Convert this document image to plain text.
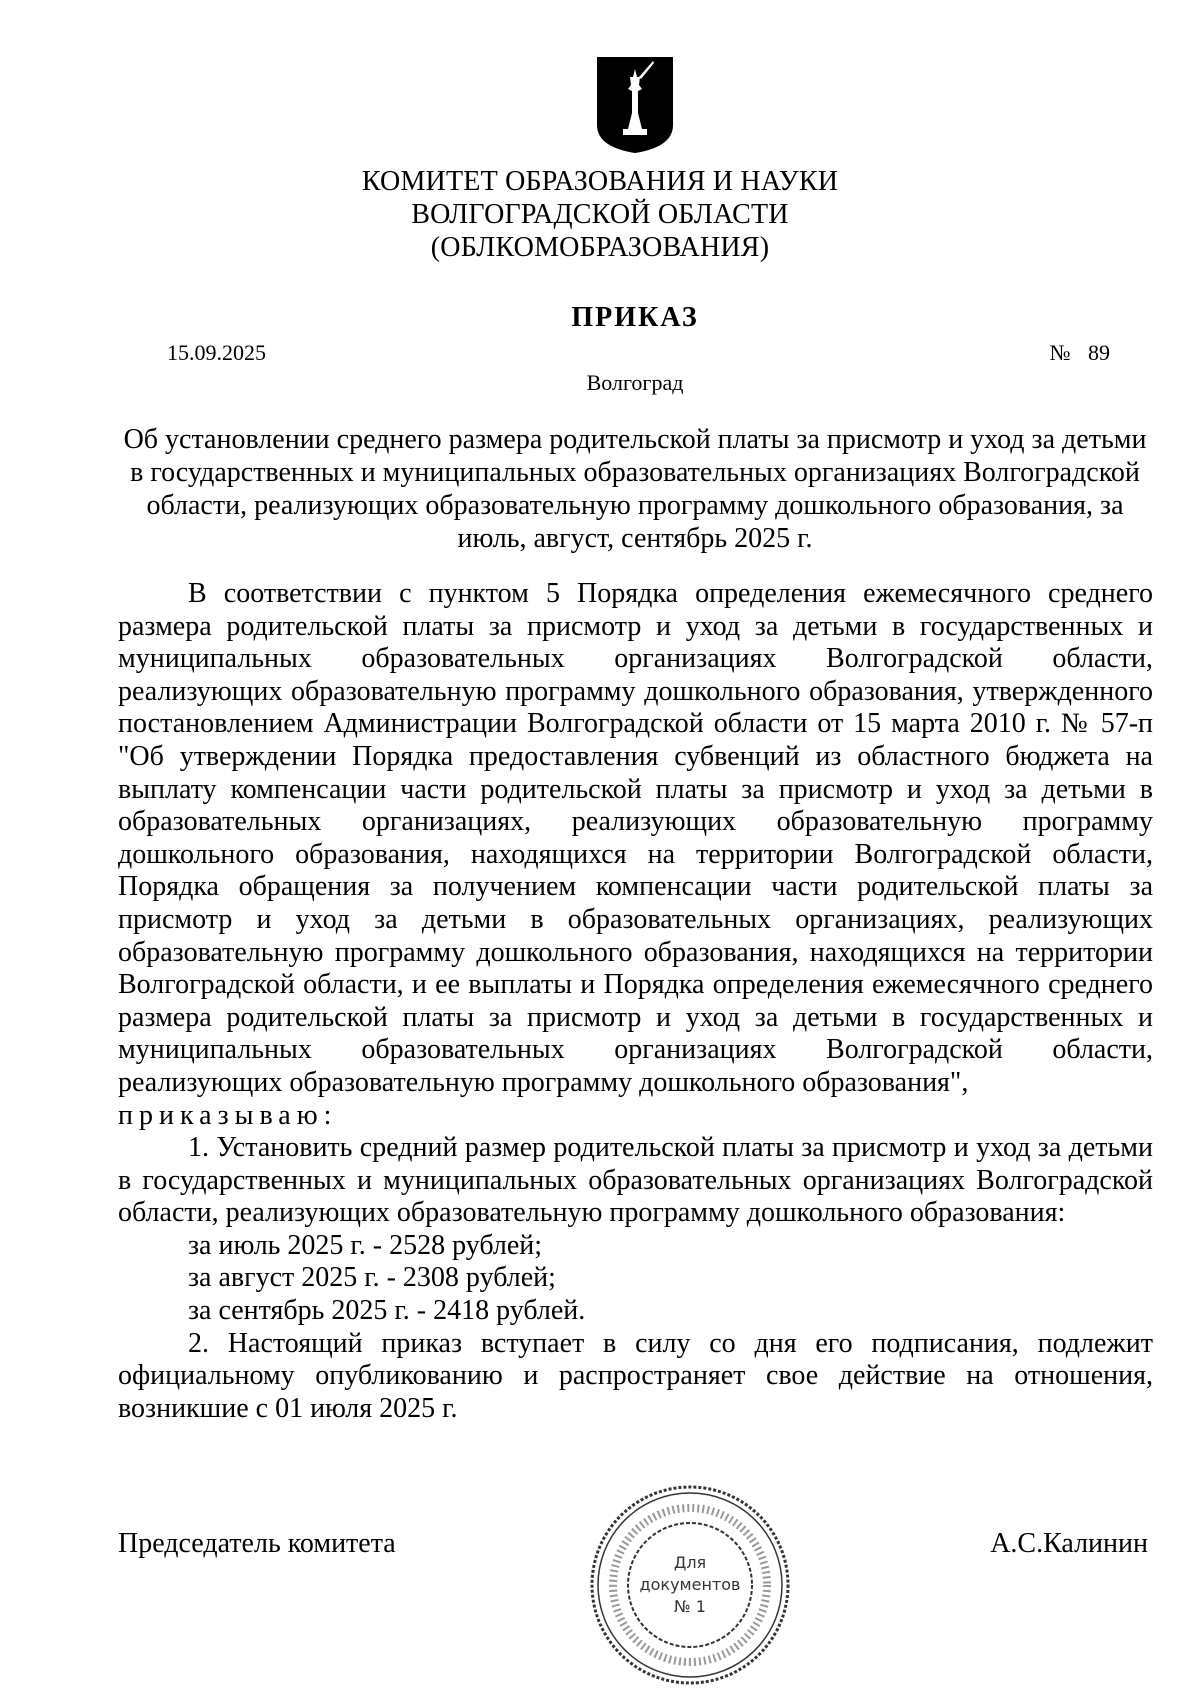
КОМИТЕТ ОБРАЗОВАНИЯ И НАУКИ
ВОЛГОГРАДСКОЙ ОБЛАСТИ
(ОБЛКОМОБРАЗОВАНИЯ)
ПРИКАЗ
15.09.2025	№ 89
Волгоград
Об установлении среднего размера родительской платы за присмотр и уход за детьми в государственных и муниципальных образовательных организациях Волгоградской области, реализующих образовательную программу дошкольного образования, за июль, август, сентябрь 2025 г.

В соответствии с пунктом 5 Порядка определения ежемесячного среднего размера родительской платы за присмотр и уход за детьми в государственных и муниципальных образовательных организациях Волгоградской области, реализующих образовательную программу дошкольного образования, утвержденного постановлением Администрации Волгоградской области от 15 марта 2010 г. № 57-п "Об утверждении Порядка предоставления субвенций из областного бюджета на выплату компенсации части родительской платы за присмотр и уход за детьми в образовательных организациях, реализующих образовательную программу дошкольного образования, находящихся на территории Волгоградской области, Порядка обращения за получением компенсации части родительской платы за присмотр и уход за детьми в образовательных организациях, реализующих образовательную программу дошкольного образования, находящихся на территории Волгоградской области, и ее выплаты и Порядка определения ежемесячного среднего размера родительской платы за присмотр и уход за детьми в государственных и муниципальных образовательных организациях Волгоградской области, реализующих образовательную программу дошкольного образования",

приказываю:

1. Установить средний размер родительской платы за присмотр и уход за детьми в государственных и муниципальных образовательных организациях Волгоградской области, реализующих образовательную программу дошкольного образования:

за июль 2025 г. - 2528 рублей;

за август 2025 г. - 2308 рублей;

за сентябрь 2025 г. - 2418 рублей.

2. Настоящий приказ вступает в силу со дня его подписания, подлежит официальному опубликованию и распространяет свое действие на отношения, возникшие с 01 июля 2025 г.

Председатель комитета	А.С.Калинин
Для
документов
№ 1
